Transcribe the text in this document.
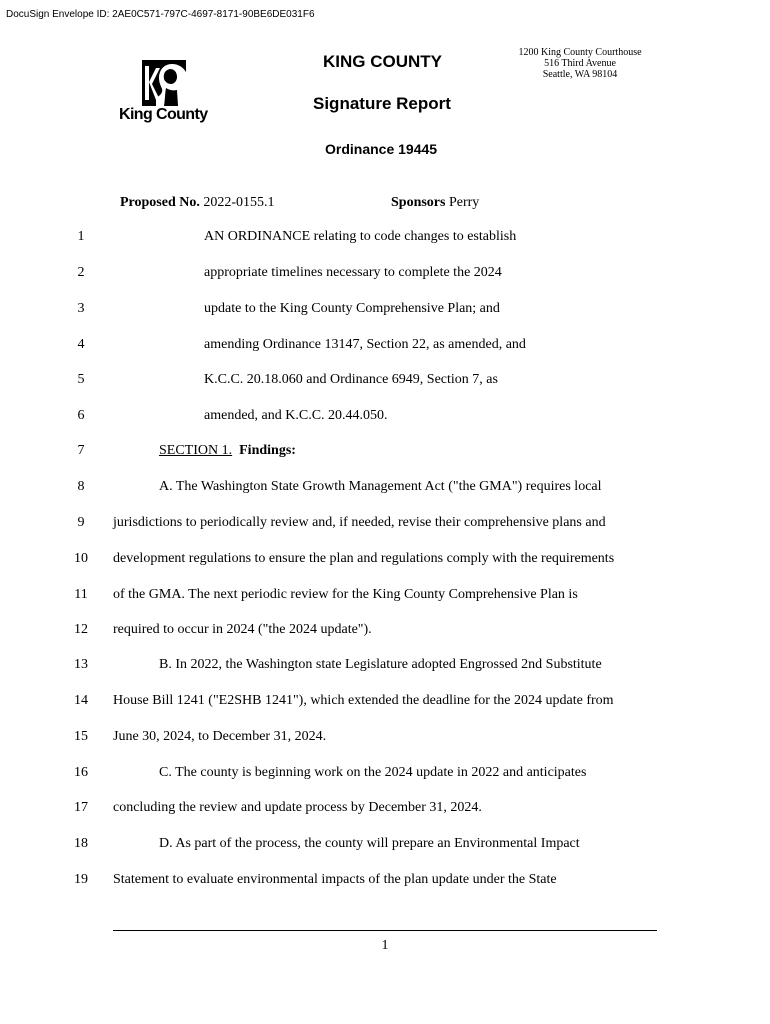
DocuSign Envelope ID: 2AE0C571-797C-4697-8171-90BE6DE031F6
King County
KING COUNTY
Signature Report
Ordinance 19445
1200 King County Courthouse
516 Third Avenue
Seattle, WA 98104
Proposed No. 2022-0155.1	Sponsors Perry
1	AN ORDINANCE relating to code changes to establish
2	appropriate timelines necessary to complete the 2024
3	update to the King County Comprehensive Plan; and
4	amending Ordinance 13147, Section 22, as amended, and
5	K.C.C. 20.18.060 and Ordinance 6949, Section 7, as
6	amended, and K.C.C. 20.44.050.
7	SECTION 1. Findings:
8	A. The Washington State Growth Management Act ("the GMA") requires local
9	jurisdictions to periodically review and, if needed, revise their comprehensive plans and
10	development regulations to ensure the plan and regulations comply with the requirements
11	of the GMA. The next periodic review for the King County Comprehensive Plan is
12	required to occur in 2024 ("the 2024 update").
13	B. In 2022, the Washington state Legislature adopted Engrossed 2nd Substitute
14	House Bill 1241 ("E2SHB 1241"), which extended the deadline for the 2024 update from
15	June 30, 2024, to December 31, 2024.
16	C. The county is beginning work on the 2024 update in 2022 and anticipates
17	concluding the review and update process by December 31, 2024.
18	D. As part of the process, the county will prepare an Environmental Impact
19	Statement to evaluate environmental impacts of the plan update under the State
1
